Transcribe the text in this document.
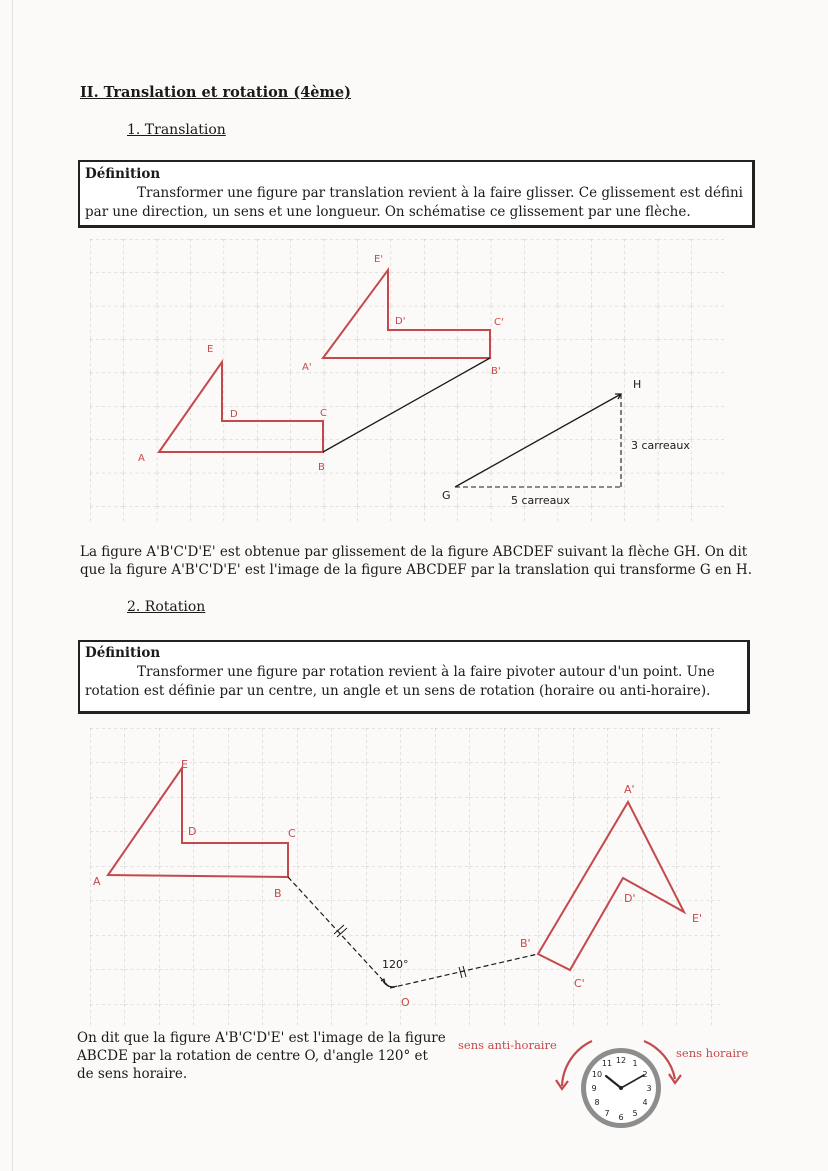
II. Translation et rotation (4ème)
1. Translation
Définition
Transformer une figure par translation revient à la faire glisser. Ce glissement est défini par une direction, un sens et une longueur. On schématise ce glissement par une flèche.
A
B
C
D
E
A'	B'
C'
D'
E'
G
H
5 carreaux
3 carreaux
La figure A'B'C'D'E' est obtenue par glissement de la figure ABCDEF suivant la flèche GH. On dit que la figure A'B'C'D'E' est l'image de la figure ABCDEF par la translation qui transforme G en H.
2. Rotation
Définition
Transformer une figure par rotation revient à la faire pivoter autour d'un point. Une rotation est définie par un centre, un angle et un sens de rotation (horaire ou anti-horaire).
A
B
C
D
E
A'
B'
C'
D'
E'
120°
O
On dit que la figure A'B'C'D'E' est l'image de la figure ABCDE par la rotation de centre O, d'angle 120° et de sens horaire.
sens anti-horaire
sens horaire
12 1
2
3
4
5
6
7
8
9
10
11
